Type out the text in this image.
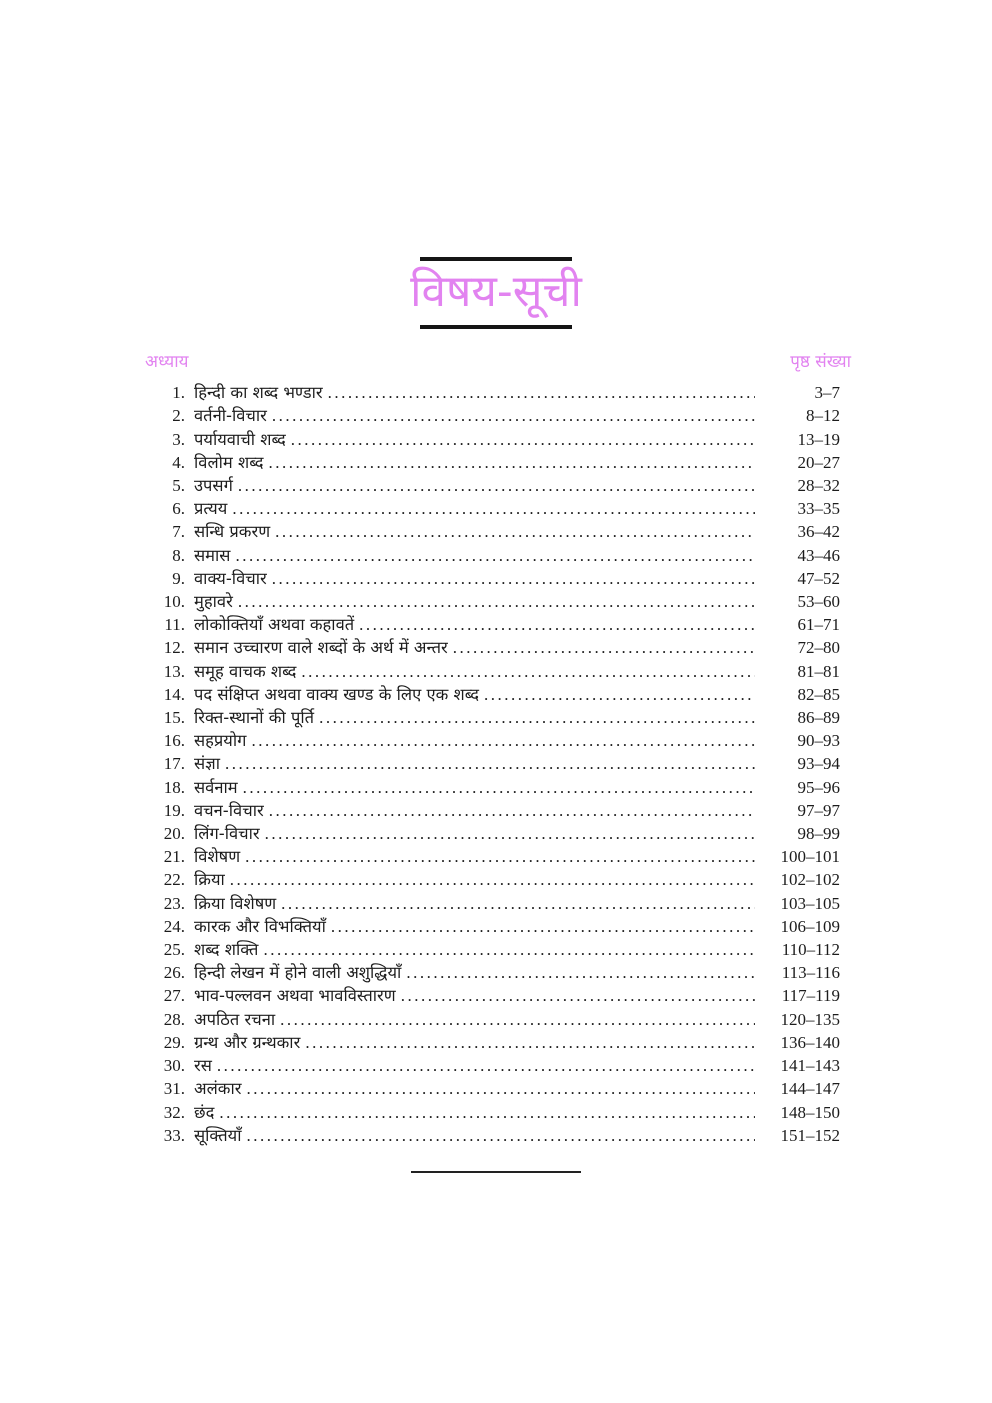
विषय-सूची
अध्याय	पृष्ठ संख्या
1. हिन्दी का शब्द भण्डार .....	3–7
2. वर्तनी-विचार .....	8–12
3. पर्यायवाची शब्द .....	13–19
4. विलोम शब्द .....	20–27
5. उपसर्ग .....	28–32
6. प्रत्यय .....	33–35
7. सन्धि प्रकरण .....	36–42
8. समास .....	43–46
9. वाक्य-विचार .....	47–52
10. मुहावरे .....	53–60
11. लोकोक्तियाँ अथवा कहावतें .....	61–71
12. समान उच्चारण वाले शब्दों के अर्थ में अन्तर .....	72–80
13. समूह वाचक शब्द .....	81–81
14. पद संक्षिप्त अथवा वाक्य खण्ड के लिए एक शब्द .....	82–85
15. रिक्त-स्थानों की पूर्ति .....	86–89
16. सहप्रयोग .....	90–93
17. संज्ञा .....	93–94
18. सर्वनाम .....	95–96
19. वचन-विचार .....	97–97
20. लिंग-विचार .....	98–99
21. विशेषण .....	100–101
22. क्रिया .....	102–102
23. क्रिया विशेषण .....	103–105
24. कारक और विभक्तियाँ .....	106–109
25. शब्द शक्ति .....	110–112
26. हिन्दी लेखन में होने वाली अशुद्धियाँ .....	113–116
27. भाव-पल्लवन अथवा भावविस्तारण .....	117–119
28. अपठित रचना .....	120–135
29. ग्रन्थ और ग्रन्थकार .....	136–140
30. रस .....	141–143
31. अलंकार .....	144–147
32. छंद .....	148–150
33. सूक्तियाँ .....	151–152
